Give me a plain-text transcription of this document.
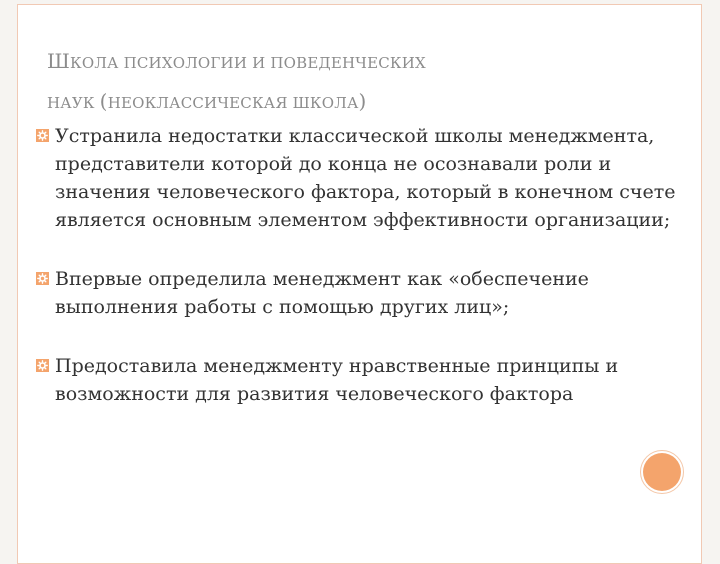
ШКОЛА ПСИХОЛОГИИ И ПОВЕДЕНЧЕСКИХ
НАУК (НЕОКЛАССИЧЕСКАЯ ШКОЛА)
Устранила недостатки классической школы менеджмента, представители которой до конца не осознавали роли и значения человеческого фактора, который в конечном счете является основным элементом эффективности организации;
Впервые определила менеджмент как «обеспечение выполнения работы с помощью других лиц»;
Предоставила менеджменту нравственные принципы и возможности для развития человеческого фактора
